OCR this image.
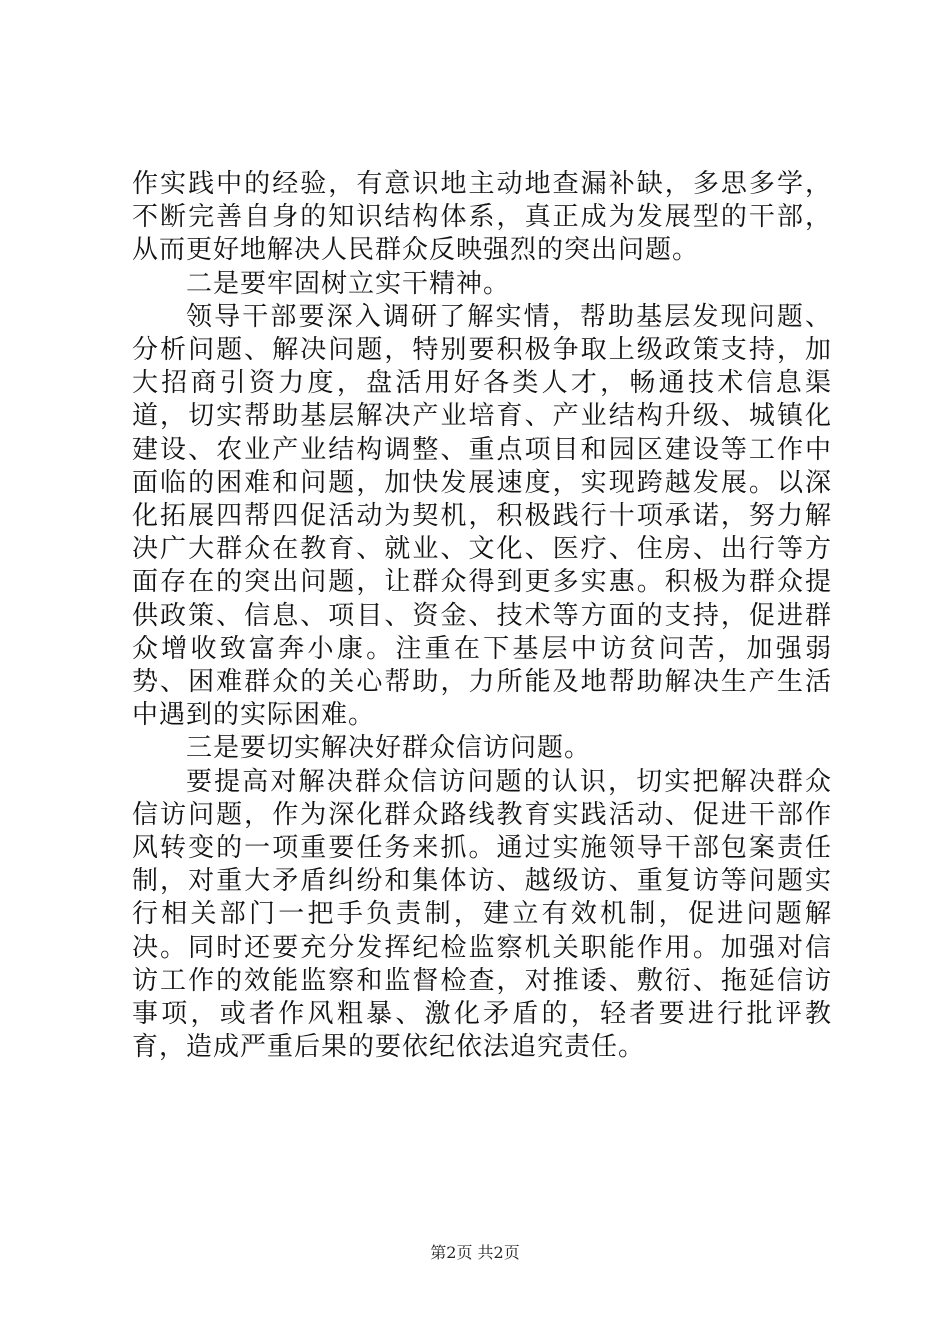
作实践中的经验，有意识地主动地查漏补缺，多思多学，不断完善自身的知识结构体系，真正成为发展型的干部，从而更好地解决人民群众反映强烈的突出问题。

二是要牢固树立实干精神。

领导干部要深入调研了解实情，帮助基层发现问题、分析问题、解决问题，特别要积极争取上级政策支持，加大招商引资力度，盘活用好各类人才，畅通技术信息渠道，切实帮助基层解决产业培育、产业结构升级、城镇化建设、农业产业结构调整、重点项目和园区建设等工作中面临的困难和问题，加快发展速度，实现跨越发展。以深化拓展四帮四促活动为契机，积极践行十项承诺，努力解决广大群众在教育、就业、文化、医疗、住房、出行等方面存在的突出问题，让群众得到更多实惠。积极为群众提供政策、信息、项目、资金、技术等方面的支持，促进群众增收致富奔小康。注重在下基层中访贫问苦，加强弱势、困难群众的关心帮助，力所能及地帮助解决生产生活中遇到的实际困难。

三是要切实解决好群众信访问题。

要提高对解决群众信访问题的认识，切实把解决群众信访问题，作为深化群众路线教育实践活动、促进干部作风转变的一项重要任务来抓。通过实施领导干部包案责任制，对重大矛盾纠纷和集体访、越级访、重复访等问题实行相关部门一把手负责制，建立有效机制，促进问题解决。同时还要充分发挥纪检监察机关职能作用。加强对信访工作的效能监察和监督检查，对推诿、敷衍、拖延信访事项，或者作风粗暴、激化矛盾的，轻者要进行批评教育，造成严重后果的要依纪依法追究责任。

第2页 共2页
